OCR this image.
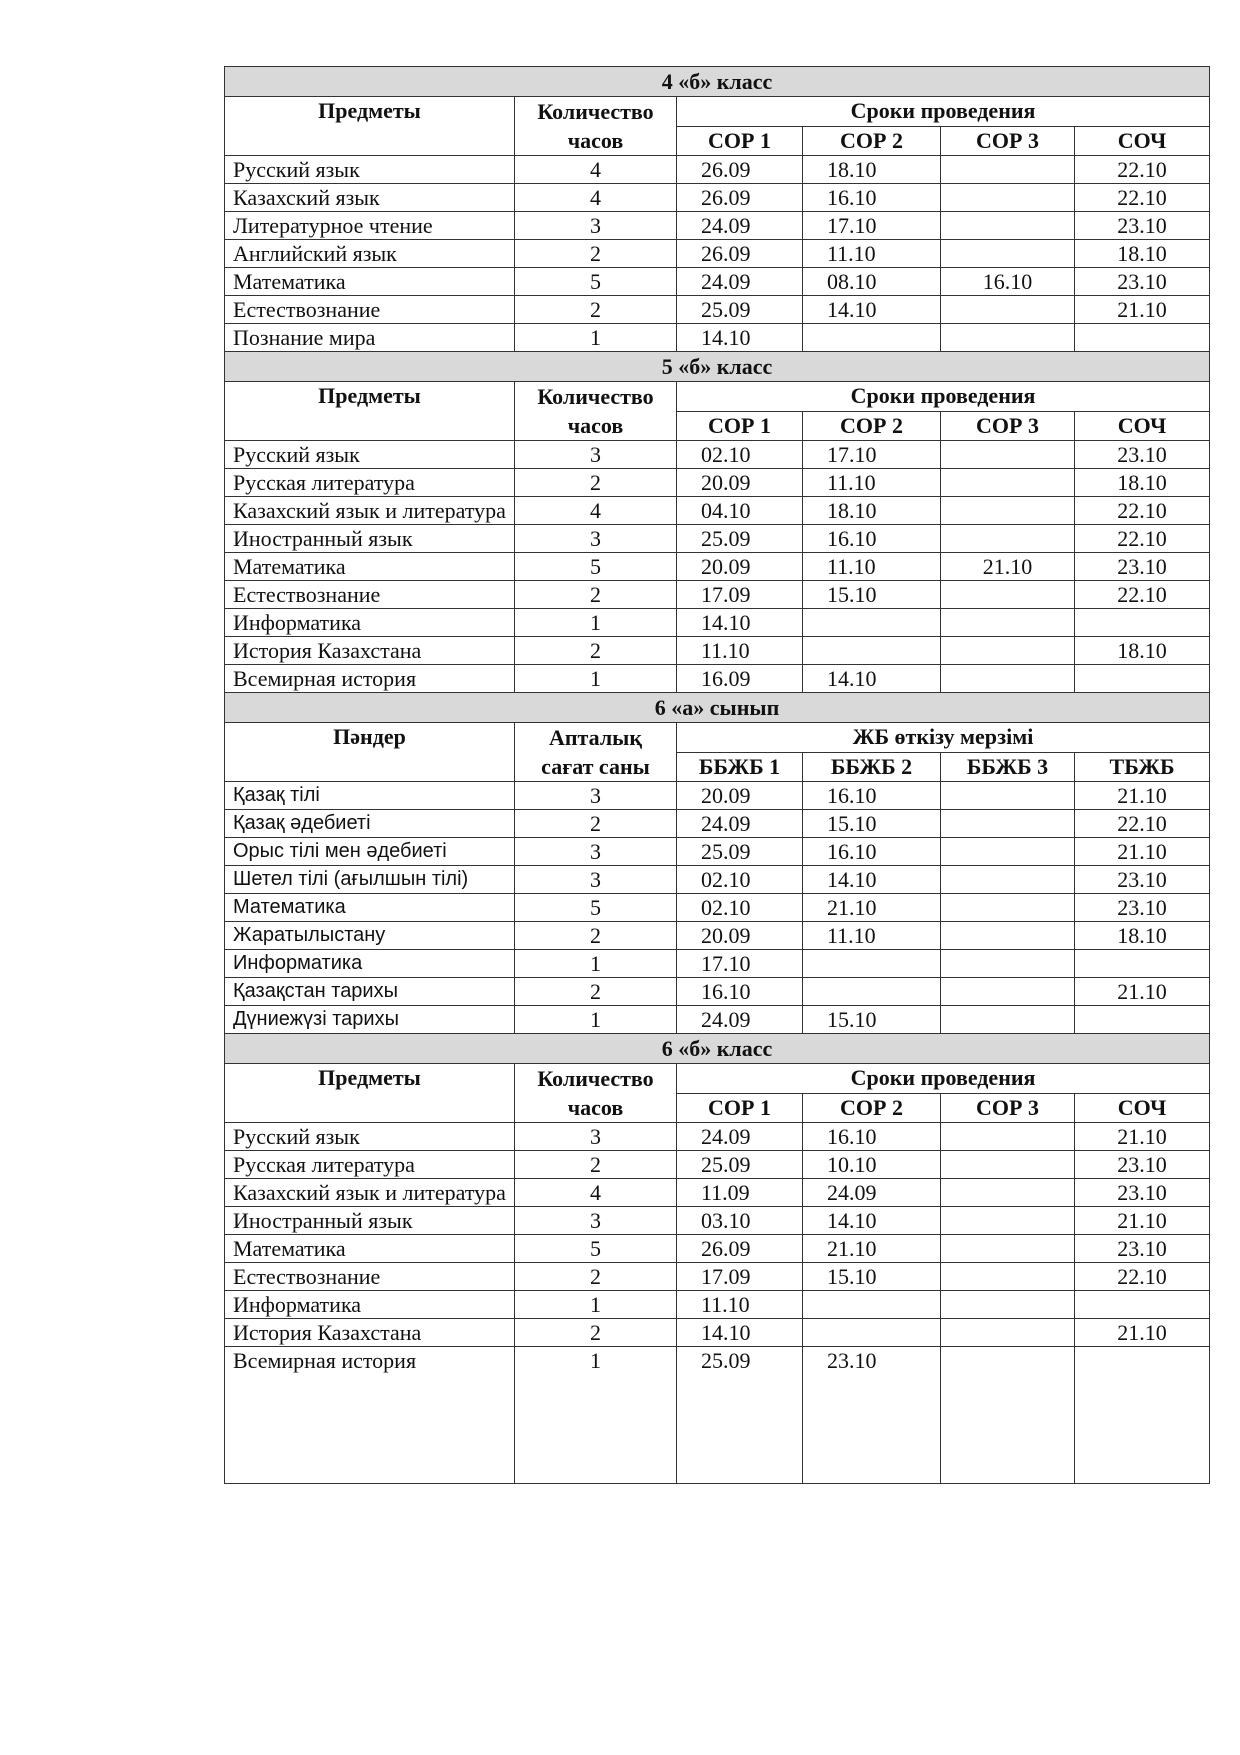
4 «б» класс					
Предметы	Количество часов	Сроки проведения			
		СОР 1	СОР 2	СОР 3	СОЧ
Русский язык	4	26.09	18.10		22.10
Казахский язык	4	26.09	16.10		22.10
Литературное чтение	3	24.09	17.10		23.10
Английский язык	2	26.09	11.10		18.10
Математика	5	24.09	08.10	16.10	23.10
Естествознание	2	25.09	14.10		21.10
Познание мира	1	14.10			
5 «б» класс					
Предметы	Количество часов	Сроки проведения			
		СОР 1	СОР 2	СОР 3	СОЧ
Русский язык	3	02.10	17.10		23.10
Русская литература	2	20.09	11.10		18.10
Казахский язык и литература	4	04.10	18.10		22.10
Иностранный язык	3	25.09	16.10		22.10
Математика	5	20.09	11.10	21.10	23.10
Естествознание	2	17.09	15.10		22.10
Информатика	1	14.10			
История Казахстана	2	11.10			18.10
Всемирная история	1	16.09	14.10		
6 «а» сынып					
Пәндер	Апталық сағат саны	ЖБ өткізу мерзімі			
		ББЖБ 1	ББЖБ 2	ББЖБ 3	ТБЖБ
Қазақ тілі	3	20.09	16.10		21.10
Қазақ әдебиеті	2	24.09	15.10		22.10
Орыс тілі мен әдебиеті	3	25.09	16.10		21.10
Шетел тілі (ағылшын тілі)	3	02.10	14.10		23.10
Математика	5	02.10	21.10		23.10
Жаратылыстану	2	20.09	11.10		18.10
Информатика	1	17.10			
Қазақстан тарихы	2	16.10			21.10
Дүниежүзі тарихы	1	24.09	15.10		
6 «б» класс					
Предметы	Количество часов	Сроки проведения			
		СОР 1	СОР 2	СОР 3	СОЧ
Русский язык	3	24.09	16.10		21.10
Русская литература	2	25.09	10.10		23.10
Казахский язык и литература	4	11.09	24.09		23.10
Иностранный язык	3	03.10	14.10		21.10
Математика	5	26.09	21.10		23.10
Естествознание	2	17.09	15.10		22.10
Информатика	1	11.10			
История Казахстана	2	14.10			21.10
Всемирная история	1	25.09	23.10		
